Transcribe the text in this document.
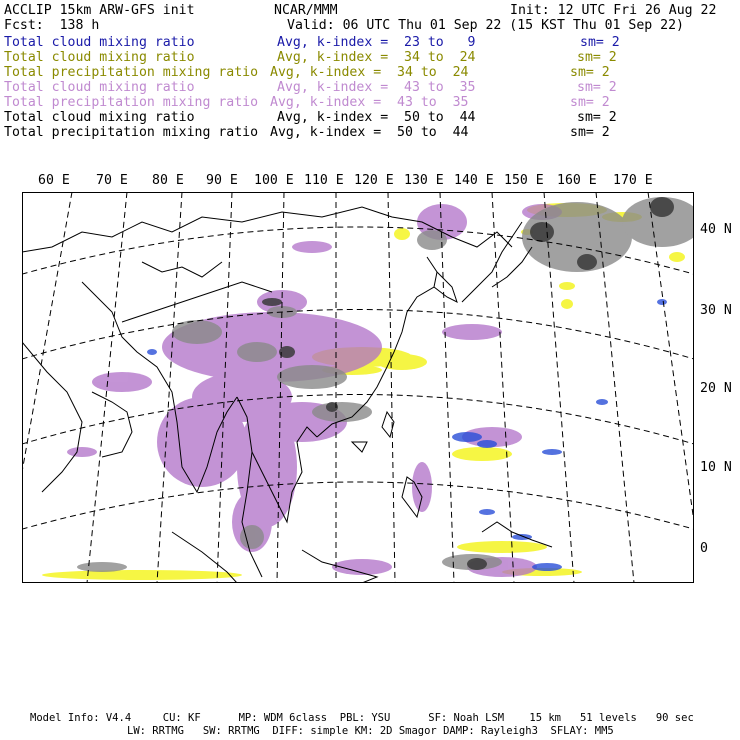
ACCLIP 15km ARW-GFS init	NCAR/MMM	Init: 12 UTC Fri 26 Aug 22
Fcst:  138 h	Valid: 06 UTC Thu 01 Sep 22 (15 KST Thu 01 Sep 22)
Total cloud mixing ratio	Avg, k-index =  23 to   9	sm= 2
Total cloud mixing ratio	Avg, k-index =  34 to  24	sm= 2
Total precipitation mixing ratio Avg, k-index =  34 to  24	sm= 2
Total cloud mixing ratio	Avg, k-index =  43 to  35	sm= 2
Total precipitation mixing ratio Avg, k-index =  43 to  35	sm= 2
Total cloud mixing ratio	Avg, k-index =  50 to  44	sm= 2
Total precipitation mixing ratio Avg, k-index =  50 to  44	sm= 2
60 E 70 E 80 E 90 E 100 E 110 E 120 E 130 E 140 E 150 E 160 E 170 E
40 N
30 N
20 N
10 N
0
Model Info: V4.4     CU: KF      MP: WDM 6class  PBL: YSU      SF: Noah LSM    15 km   51 levels   90 sec
LW: RRTMG   SW: RRTMG  DIFF: simple KM: 2D Smagor DAMP: Rayleigh3  SFLAY: MM5
